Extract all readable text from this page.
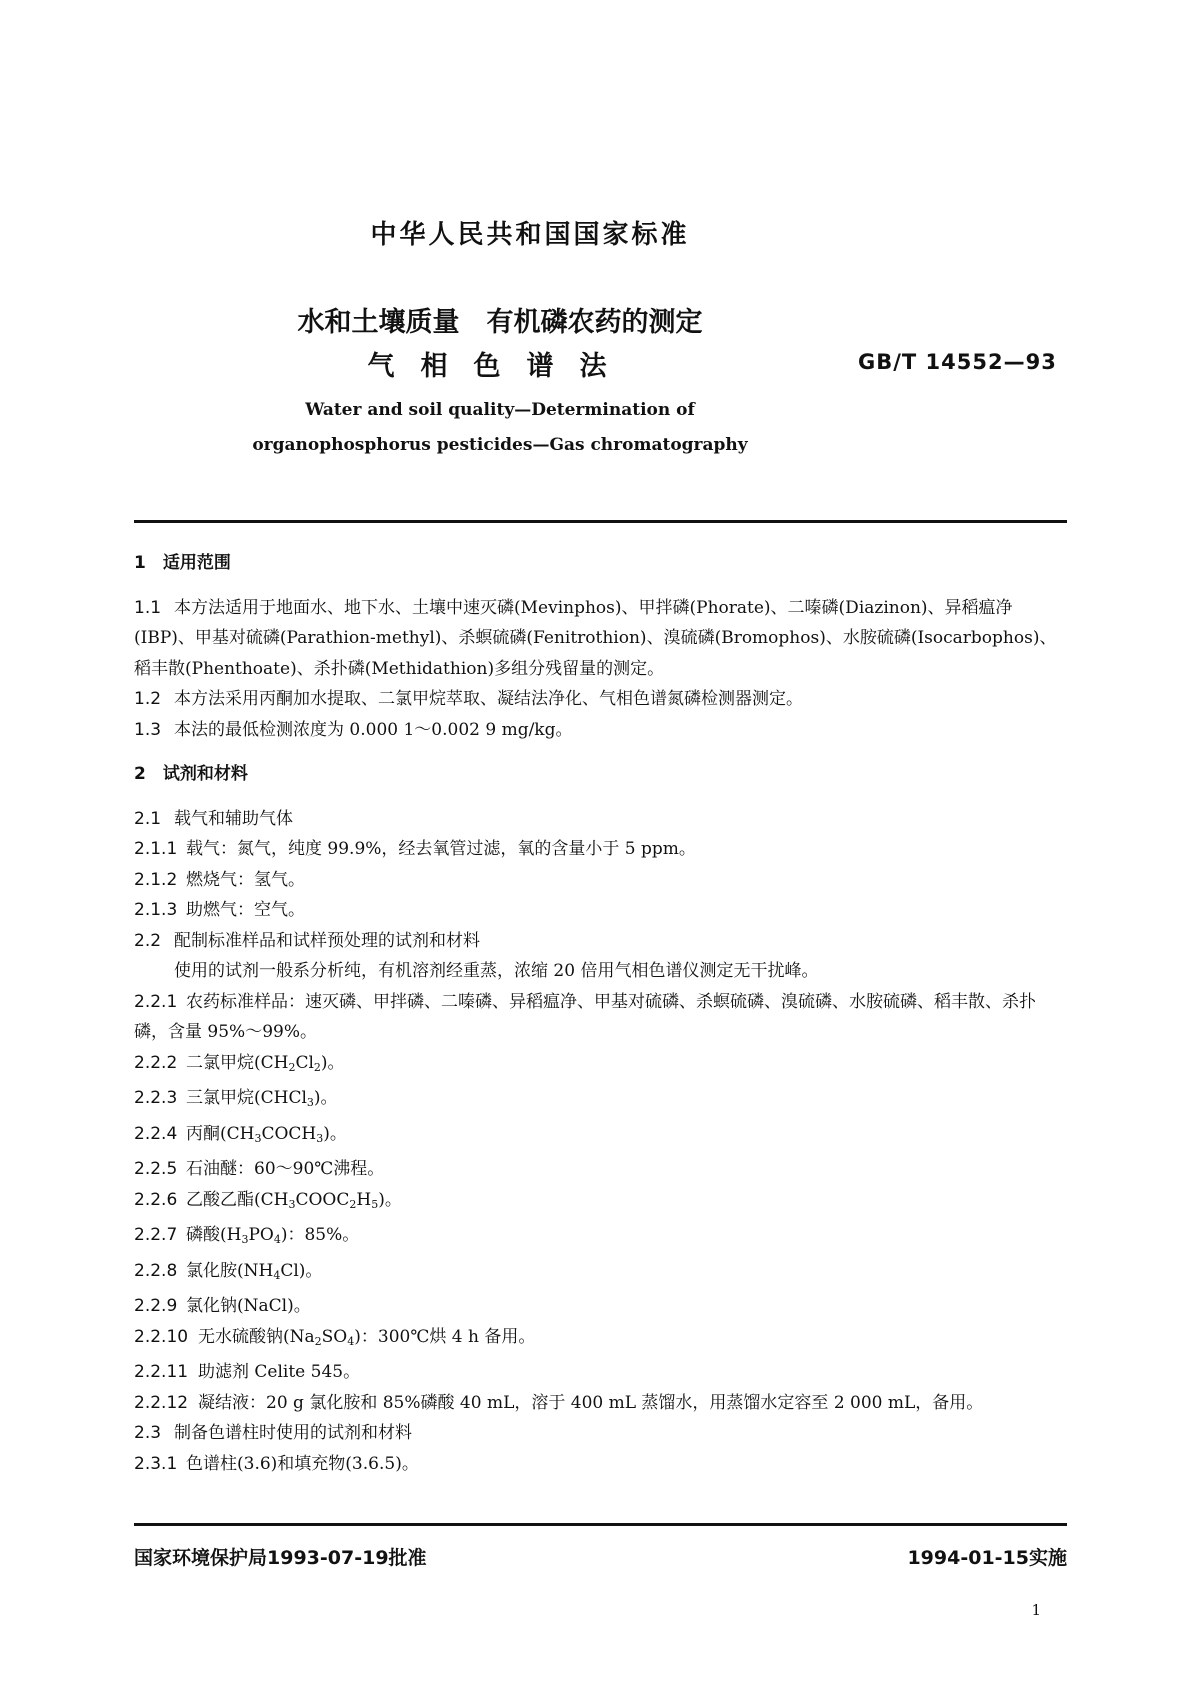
中华人民共和国国家标准
水和土壤质量　有机磷农药的测定
气相色谱法	GB/T 14552—93
Water and soil quality—Determination of
organophosphorus pesticides—Gas chromatography
1　适用范围
1.1 本方法适用于地面水、地下水、土壤中速灭磷(Mevinphos)、甲拌磷(Phorate)、二嗪磷(Diazinon)、异稻瘟净(IBP)、甲基对硫磷(Parathion-methyl)、杀螟硫磷(Fenitrothion)、溴硫磷(Bromophos)、水胺硫磷(Isocarbophos)、稻丰散(Phenthoate)、杀扑磷(Methidathion)多组分残留量的测定。
1.2 本方法采用丙酮加水提取、二氯甲烷萃取、凝结法净化、气相色谱氮磷检测器测定。
1.3 本法的最低检测浓度为 0.000 1～0.002 9 mg/kg。
2　试剂和材料
2.1 载气和辅助气体
2.1.1 载气：氮气，纯度 99.9%，经去氧管过滤，氧的含量小于 5 ppm。
2.1.2 燃烧气：氢气。
2.1.3 助燃气：空气。
2.2 配制标准样品和试样预处理的试剂和材料
使用的试剂一般系分析纯，有机溶剂经重蒸，浓缩 20 倍用气相色谱仪测定无干扰峰。
2.2.1 农药标准样品：速灭磷、甲拌磷、二嗪磷、异稻瘟净、甲基对硫磷、杀螟硫磷、溴硫磷、水胺硫磷、稻丰散、杀扑磷，含量 95%～99%。
2.2.2 二氯甲烷$(CH_2Cl_2)$。
2.2.3 三氯甲烷(CHCl$_3$)。
2.2.4 丙酮$(CH_3COCH_3)$。
2.2.5 石油醚：60～90℃沸程。
2.2.6 乙酸乙酯$(CH_3COOC_2H_5)$。
2.2.7 磷酸$(H_3PO_4)$：85%。
2.2.8 氯化胺$(NH_4Cl)$。
2.2.9 氯化钠(NaCl)。
2.2.10 无水硫酸钠$(Na_2SO_4)$：300℃烘 4 h 备用。
2.2.11 助滤剂 Celite 545。
2.2.12 凝结液：20 g 氯化胺和 85%磷酸 40 mL，溶于 400 mL 蒸馏水，用蒸馏水定容至 2 000 mL，备用。
2.3 制备色谱柱时使用的试剂和材料
2.3.1 色谱柱(3.6)和填充物(3.6.5)。
国家环境保护局1993-07-19批准	1994-01-15实施
1
